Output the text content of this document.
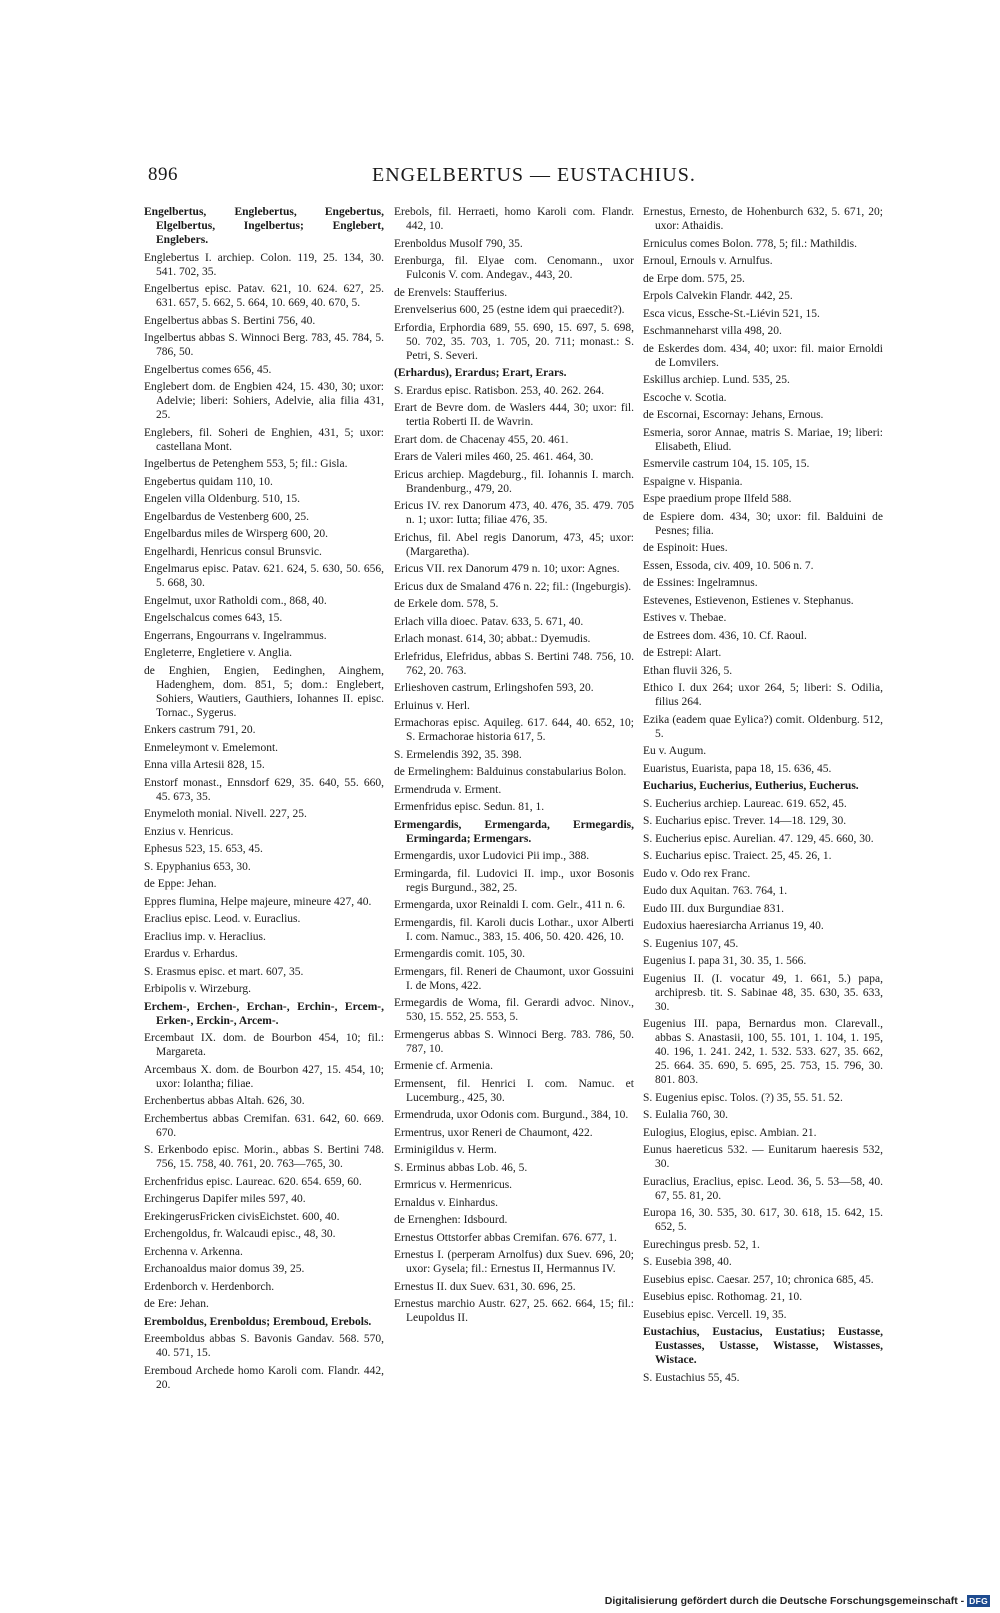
896	ENGELBERTUS — EUSTACHIUS.

Engelbertus, Englebertus, Engebertus, Elgelbertus, Ingelbertus; Englebert, Englebers.

Englebertus I. archiep. Colon. 119, 25. 134, 30. 541. 702, 35.

Engelbertus episc. Patav. 621, 10. 624. 627, 25. 631. 657, 5. 662, 5. 664, 10. 669, 40. 670, 5.

Engelbertus abbas S. Bertini 756, 40.

Ingelbertus abbas S. Winnoci Berg. 783, 45. 784, 5. 786, 50.

Engelbertus comes 656, 45.

Englebert dom. de Engbien 424, 15. 430, 30; uxor: Adelvie; liberi: Sohiers, Adelvie, alia filia 431, 25.

Englebers, fil. Soheri de Enghien, 431, 5; uxor: castellana Mont.

Ingelbertus de Petenghem 553, 5; fil.: Gisla.

Engebertus quidam 110, 10.

Engelen villa Oldenburg. 510, 15.

Engelbardus de Vestenberg 600, 25.

Engelbardus miles de Wirsperg 600, 20.

Engelhardi, Henricus consul Brunsvic.

Engelmarus episc. Patav. 621. 624, 5. 630, 50. 656, 5. 668, 30.

Engelmut, uxor Ratholdi com., 868, 40.

Engelschalcus comes 643, 15.

Engerrans, Engourrans v. Ingelrammus.

Engleterre, Engletiere v. Anglia.

de Enghien, Engien, Eedinghen, Ainghem, Hadenghem, dom. 851, 5; dom.: Englebert, Sohiers, Wautiers, Gauthiers, Iohannes II. episc. Tornac., Sygerus.

Enkers castrum 791, 20.

Enmeleymont v. Emelemont.

Enna villa Artesii 828, 15.

Enstorf monast., Ennsdorf 629, 35. 640, 55. 660, 45. 673, 35.

Enymeloth monial. Nivell. 227, 25.

Enzius v. Henricus.

Ephesus 523, 15. 653, 45.

S. Epyphanius 653, 30.

de Eppe: Jehan.

Eppres flumina, Helpe majeure, mineure 427, 40.

Eraclius episc. Leod. v. Euraclius.

Eraclius imp. v. Heraclius.

Erardus v. Erhardus.

S. Erasmus episc. et mart. 607, 35.

Erbipolis v. Wirzeburg.

Erchem-, Erchen-, Erchan-, Erchin-, Ercem-, Erken-, Erckin-, Arcem-.

Ercembaut IX. dom. de Bourbon 454, 10; fil.: Margareta.

Arcembaus X. dom. de Bourbon 427, 15. 454, 10; uxor: Iolantha; filiae.

Erchenbertus abbas Altah. 626, 30.

Erchembertus abbas Cremifan. 631. 642, 60. 669. 670.

S. Erkenbodo episc. Morin., abbas S. Bertini 748. 756, 15. 758, 40. 761, 20. 763—765, 30.

Erchenfridus episc. Laureac. 620. 654. 659, 60.

Erchingerus Dapifer miles 597, 40.

ErekingerusFricken civisEichstet. 600, 40.

Erchengoldus, fr. Walcaudi episc., 48, 30.

Erchenna v. Arkenna.

Erchanoaldus maior domus 39, 25.

Erdenborch v. Herdenborch.

de Ere: Jehan.

Eremboldus, Erenboldus; Eremboud, Erebols.

Ereemboldus abbas S. Bavonis Gandav. 568. 570, 40. 571, 15.

Eremboud Archede homo Karoli com. Flandr. 442, 20.

Erebols, fil. Herraeti, homo Karoli com. Flandr. 442, 10.

Erenboldus Musolf 790, 35.

Erenburga, fil. Elyae com. Cenomann., uxor Fulconis V. com. Andegav., 443, 20.

de Erenvels: Staufferius.

Erenvelserius 600, 25 (estne idem qui praecedit?).

Erfordia, Erphordia 689, 55. 690, 15. 697, 5. 698, 50. 702, 35. 703, 1. 705, 20. 711; monast.: S. Petri, S. Severi.

(Erhardus), Erardus; Erart, Erars.

S. Erardus episc. Ratisbon. 253, 40. 262. 264.

Erart de Bevre dom. de Waslers 444, 30; uxor: fil. tertia Roberti II. de Wavrin.

Erart dom. de Chacenay 455, 20. 461.

Erars de Valeri miles 460, 25. 461. 464, 30.

Ericus archiep. Magdeburg., fil. Iohannis I. march. Brandenburg., 479, 20.

Ericus IV. rex Danorum 473, 40. 476, 35. 479. 705 n. 1; uxor: Iutta; filiae 476, 35.

Erichus, fil. Abel regis Danorum, 473, 45; uxor: (Margaretha).

Ericus VII. rex Danorum 479 n. 10; uxor: Agnes.

Ericus dux de Smaland 476 n. 22; fil.: (Ingeburgis).

de Erkele dom. 578, 5.

Erlach villa dioec. Patav. 633, 5. 671, 40.

Erlach monast. 614, 30; abbat.: Dyemudis.

Erlefridus, Elefridus, abbas S. Bertini 748. 756, 10. 762, 20. 763.

Erlieshoven castrum, Erlingshofen 593, 20.

Erluinus v. Herl.

Ermachoras episc. Aquileg. 617. 644, 40. 652, 10; S. Ermachorae historia 617, 5.

S. Ermelendis 392, 35. 398.

de Ermelinghem: Balduinus constabularius Bolon.

Ermendruda v. Erment.

Ermenfridus episc. Sedun. 81, 1.

Ermengardis, Ermengarda, Ermegardis, Ermingarda; Ermengars.

Ermengardis, uxor Ludovici Pii imp., 388.

Ermingarda, fil. Ludovici II. imp., uxor Bosonis regis Burgund., 382, 25.

Ermengarda, uxor Reinaldi I. com. Gelr., 411 n. 6.

Ermengardis, fil. Karoli ducis Lothar., uxor Alberti I. com. Namuc., 383, 15. 406, 50. 420. 426, 10.

Ermengardis comit. 105, 30.

Ermengars, fil. Reneri de Chaumont, uxor Gossuini I. de Mons, 422.

Ermegardis de Woma, fil. Gerardi advoc. Ninov., 530, 15. 552, 25. 553, 5.

Ermengerus abbas S. Winnoci Berg. 783. 786, 50. 787, 10.

Ermenie cf. Armenia.

Ermensent, fil. Henrici I. com. Namuc. et Lucemburg., 425, 30.

Ermendruda, uxor Odonis com. Burgund., 384, 10.

Ermentrus, uxor Reneri de Chaumont, 422.

Erminigildus v. Herm.

S. Erminus abbas Lob. 46, 5.

Ermricus v. Hermenricus.

Ernaldus v. Einhardus.

de Ernenghen: Idsbourd.

Ernestus Ottstorfer abbas Cremifan. 676. 677, 1.

Ernestus I. (perperam Arnolfus) dux Suev. 696, 20; uxor: Gysela; fil.: Ernestus II, Hermannus IV.

Ernestus II. dux Suev. 631, 30. 696, 25.

Ernestus marchio Austr. 627, 25. 662. 664, 15; fil.: Leupoldus II.

Ernestus, Ernesto, de Hohenburch 632, 5. 671, 20; uxor: Athaidis.

Erniculus comes Bolon. 778, 5; fil.: Mathildis.

Ernoul, Ernouls v. Arnulfus.

de Erpe dom. 575, 25.

Erpols Calvekin Flandr. 442, 25.

Esca vicus, Essche-St.-Liévin 521, 15.

Eschmanneharst villa 498, 20.

de Eskerdes dom. 434, 40; uxor: fil. maior Ernoldi de Lomvilers.

Eskillus archiep. Lund. 535, 25.

Escoche v. Scotia.

de Escornai, Escornay: Jehans, Ernous.

Esmeria, soror Annae, matris S. Mariae, 19; liberi: Elisabeth, Eliud.

Esmervile castrum 104, 15. 105, 15.

Espaigne v. Hispania.

Espe praedium prope Ilfeld 588.

de Espiere dom. 434, 30; uxor: fil. Balduini de Pesnes; filia.

de Espinoit: Hues.

Essen, Essoda, civ. 409, 10. 506 n. 7.

de Essines: Ingelramnus.

Estevenes, Estievenon, Estienes v. Stephanus.

Estives v. Thebae.

de Estrees dom. 436, 10. Cf. Raoul.

de Estrepi: Alart.

Ethan fluvii 326, 5.

Ethico I. dux 264; uxor 264, 5; liberi: S. Odilia, filius 264.

Ezika (eadem quae Eylica?) comit. Oldenburg. 512, 5.

Eu v. Augum.

Euaristus, Euarista, papa 18, 15. 636, 45.

Eucharius, Eucherius, Eutherius, Eucherus.

S. Eucherius archiep. Laureac. 619. 652, 45.

S. Eucharius episc. Trever. 14—18. 129, 30.

S. Eucherius episc. Aurelian. 47. 129, 45. 660, 30.

S. Eucharius episc. Traiect. 25, 45. 26, 1.

Eudo v. Odo rex Franc.

Eudo dux Aquitan. 763. 764, 1.

Eudo III. dux Burgundiae 831.

Eudoxius haeresiarcha Arrianus 19, 40.

S. Eugenius 107, 45.

Eugenius I. papa 31, 30. 35, 1. 566.

Eugenius II. (I. vocatur 49, 1. 661, 5.) papa, archipresb. tit. S. Sabinae 48, 35. 630, 35. 633, 30.

Eugenius III. papa, Bernardus mon. Clarevall., abbas S. Anastasii, 100, 55. 101, 1. 104, 1. 195, 40. 196, 1. 241. 242, 1. 532. 533. 627, 35. 662, 25. 664. 35. 690, 5. 695, 25. 753, 15. 796, 30. 801. 803.

S. Eugenius episc. Tolos. (?) 35, 55. 51. 52.

S. Eulalia 760, 30.

Eulogius, Elogius, episc. Ambian. 21.

Eunus haereticus 532. — Eunitarum haeresis 532, 30.

Euraclius, Eraclius, episc. Leod. 36, 5. 53—58, 40. 67, 55. 81, 20.

Europa 16, 30. 535, 30. 617, 30. 618, 15. 642, 15. 652, 5.

Eurechingus presb. 52, 1.

S. Eusebia 398, 40.

Eusebius episc. Caesar. 257, 10; chronica 685, 45.

Eusebius episc. Rothomag. 21, 10.

Eusebius episc. Vercell. 19, 35.

Eustachius, Eustacius, Eustatius; Eustasse, Eustasses, Ustasse, Wistasse, Wistasses, Wistace.

S. Eustachius 55, 45.

Digitalisierung gefördert durch die Deutsche Forschungsgemeinschaft - DFG
